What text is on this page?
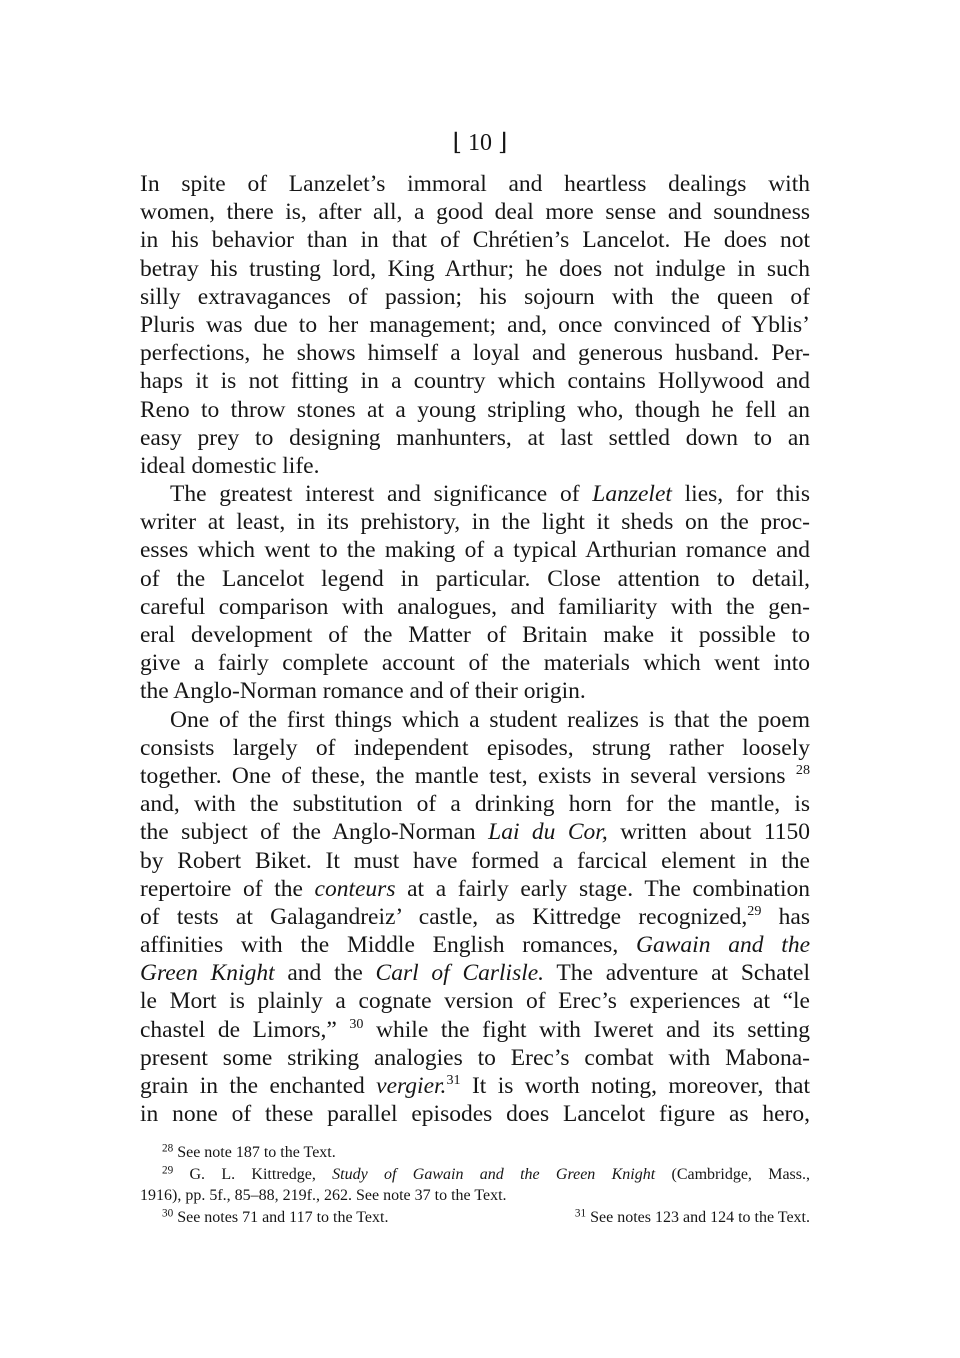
⌊ 10 ⌋
In spite of Lanzelet’s immoral and heartless dealings with
women, there is, after all, a good deal more sense and soundness
in his behavior than in that of Chrétien’s Lancelot. He does not
betray his trusting lord, King Arthur; he does not indulge in such
silly extravagances of passion; his sojourn with the queen of
Pluris was due to her management; and, once convinced of Yblis’
perfections, he shows himself a loyal and generous husband. Per-
haps it is not fitting in a country which contains Hollywood and
Reno to throw stones at a young stripling who, though he fell an
easy prey to designing manhunters, at last settled down to an
ideal domestic life.
The greatest interest and significance of Lanzelet lies, for this
writer at least, in its prehistory, in the light it sheds on the proc-
esses which went to the making of a typical Arthurian romance and
of the Lancelot legend in particular. Close attention to detail,
careful comparison with analogues, and familiarity with the gen-
eral development of the Matter of Britain make it possible to
give a fairly complete account of the materials which went into
the Anglo-Norman romance and of their origin.
One of the first things which a student realizes is that the poem
consists largely of independent episodes, strung rather loosely
together. One of these, the mantle test, exists in several versions $^{28}$
and, with the substitution of a drinking horn for the mantle, is
the subject of the Anglo-Norman Lai du Cor, written about 1150
by Robert Biket. It must have formed a farcical element in the
repertoire of the conteurs at a fairly early stage. The combination
of tests at Galagandreiz’ castle, as Kittredge recognized,$^{29}$ has
affinities with the Middle English romances, Gawain and the
Green Knight and the Carl of Carlisle. The adventure at Schatel
le Mort is plainly a cognate version of Erec’s experiences at “le
chastel de Limors,” $^{30}$ while the fight with Iweret and its setting
present some striking analogies to Erec’s combat with Mabona-
grain in the enchanted vergier.$^{31}$ It is worth noting, moreover, that
in none of these parallel episodes does Lancelot figure as hero,
$^{28}$ See note 187 to the Text.
$^{29}$ G. L. Kittredge, Study of Gawain and the Green Knight (Cambridge, Mass.,
1916), pp. 5f., 85–88, 219f., 262. See note 37 to the Text.
$^{30}$ See notes 71 and 117 to the Text.	$^{31}$ See notes 123 and 124 to the Text.
